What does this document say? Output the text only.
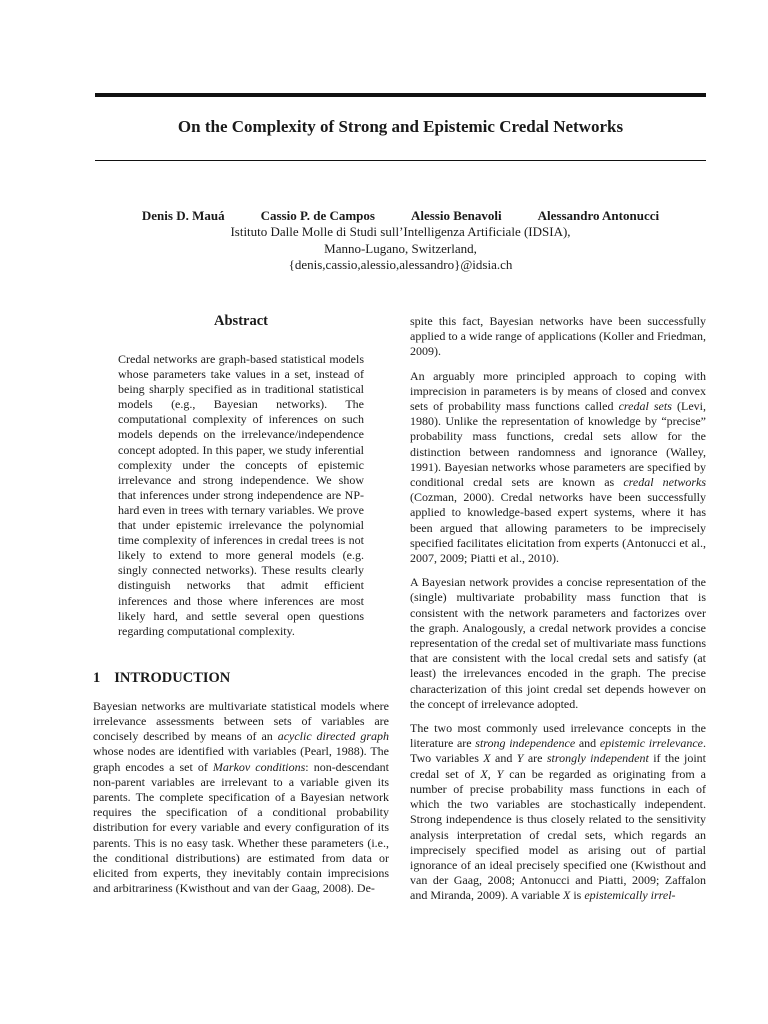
On the Complexity of Strong and Epistemic Credal Networks
Denis D. Mauá	Cassio P. de Campos	Alessio Benavoli	Alessandro Antonucci
Istituto Dalle Molle di Studi sull’Intelligenza Artificiale (IDSIA),
Manno-Lugano, Switzerland,
{denis,cassio,alessio,alessandro}@idsia.ch
Abstract

Credal networks are graph-based statistical models whose parameters take values in a set, instead of being sharply specified as in traditional statistical models (e.g., Bayesian networks). The computational complexity of inferences on such models depends on the irrelevance/independence concept adopted. In this paper, we study inferential complexity under the concepts of epistemic irrelevance and strong independence. We show that inferences under strong independence are NP-hard even in trees with ternary variables. We prove that under epistemic irrelevance the polynomial time complexity of inferences in credal trees is not likely to extend to more general models (e.g. singly connected networks). These results clearly distinguish networks that admit efficient inferences and those where inferences are most likely hard, and settle several open questions regarding computational complexity.

1 INTRODUCTION

Bayesian networks are multivariate statistical models where irrelevance assessments between sets of variables are concisely described by means of an acyclic directed graph whose nodes are identified with variables (Pearl, 1988). The graph encodes a set of Markov conditions: non-descendant non-parent variables are irrelevant to a variable given its parents. The complete specification of a Bayesian network requires the specification of a conditional probability distribution for every variable and every configuration of its parents. This is no easy task. Whether these parameters (i.e., the conditional distributions) are estimated from data or elicited from experts, they inevitably contain imprecisions and arbitrariness (Kwisthout and van der Gaag, 2008). De-

spite this fact, Bayesian networks have been successfully applied to a wide range of applications (Koller and Friedman, 2009).

An arguably more principled approach to coping with imprecision in parameters is by means of closed and convex sets of probability mass functions called credal sets (Levi, 1980). Unlike the representation of knowledge by “precise” probability mass functions, credal sets allow for the distinction between randomness and ignorance (Walley, 1991). Bayesian networks whose parameters are specified by conditional credal sets are known as credal networks (Cozman, 2000). Credal networks have been successfully applied to knowledge-based expert systems, where it has been argued that allowing parameters to be imprecisely specified facilitates elicitation from experts (Antonucci et al., 2007, 2009; Piatti et al., 2010).

A Bayesian network provides a concise representation of the (single) multivariate probability mass function that is consistent with the network parameters and factorizes over the graph. Analogously, a credal network provides a concise representation of the credal set of multivariate mass functions that are consistent with the local credal sets and satisfy (at least) the irrelevances encoded in the graph. The precise characterization of this joint credal set depends however on the concept of irrelevance adopted.

The two most commonly used irrelevance concepts in the literature are strong independence and epistemic irrelevance. Two variables X and Y are strongly independent if the joint credal set of X, Y can be regarded as originating from a number of precise probability mass functions in each of which the two variables are stochastically independent. Strong independence is thus closely related to the sensitivity analysis interpretation of credal sets, which regards an imprecisely specified model as arising out of partial ignorance of an ideal precisely specified one (Kwisthout and van der Gaag, 2008; Antonucci and Piatti, 2009; Zaffalon and Miranda, 2009). A variable X is epistemically irrel-
